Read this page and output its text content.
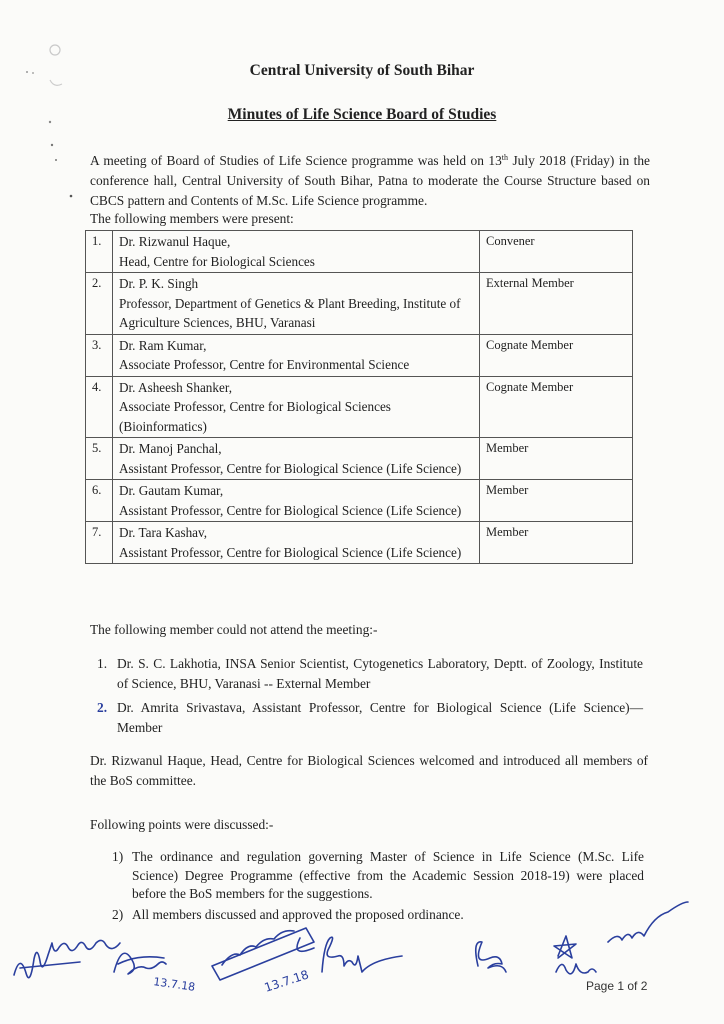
Central University of South Bihar
Minutes of Life Science Board of Studies

A meeting of Board of Studies of Life Science programme was held on 13th July 2018 (Friday) in the conference hall, Central University of South Bihar, Patna to moderate the Course Structure based on CBCS pattern and Contents of M.Sc. Life Science programme.

The following members were present:

1.	Dr. Rizwanul Haque,
Head, Centre for Biological Sciences	Convener
2.	Dr. P. K. Singh
Professor, Department of Genetics & Plant Breeding, Institute of Agriculture Sciences, BHU, Varanasi	External Member
3.	Dr. Ram Kumar,
Associate Professor, Centre for Environmental Science	Cognate Member
4.	Dr. Asheesh Shanker,
Associate Professor, Centre for Biological Sciences (Bioinformatics)	Cognate Member
5.	Dr. Manoj Panchal,
Assistant Professor, Centre for Biological Science (Life Science)	Member
6.	Dr. Gautam Kumar,
Assistant Professor, Centre for Biological Science (Life Science)	Member
7.	Dr. Tara Kashav,
Assistant Professor, Centre for Biological Science (Life Science)	Member

The following member could not attend the meeting:-

1. Dr. S. C. Lakhotia, INSA Senior Scientist, Cytogenetics Laboratory, Deptt. of Zoology, Institute of Science, BHU, Varanasi -- External Member
2. Dr. Amrita Srivastava, Assistant Professor, Centre for Biological Science (Life Science)—Member

Dr. Rizwanul Haque, Head, Centre for Biological Sciences welcomed and introduced all members of the BoS committee.

Following points were discussed:-

1) The ordinance and regulation governing Master of Science in Life Science (M.Sc. Life Science) Degree Programme (effective from the Academic Session 2018-19) were placed before the BoS members for the suggestions.
2) All members discussed and approved the proposed ordinance.
13.7.18	13.7.18	Page 1 of 2
